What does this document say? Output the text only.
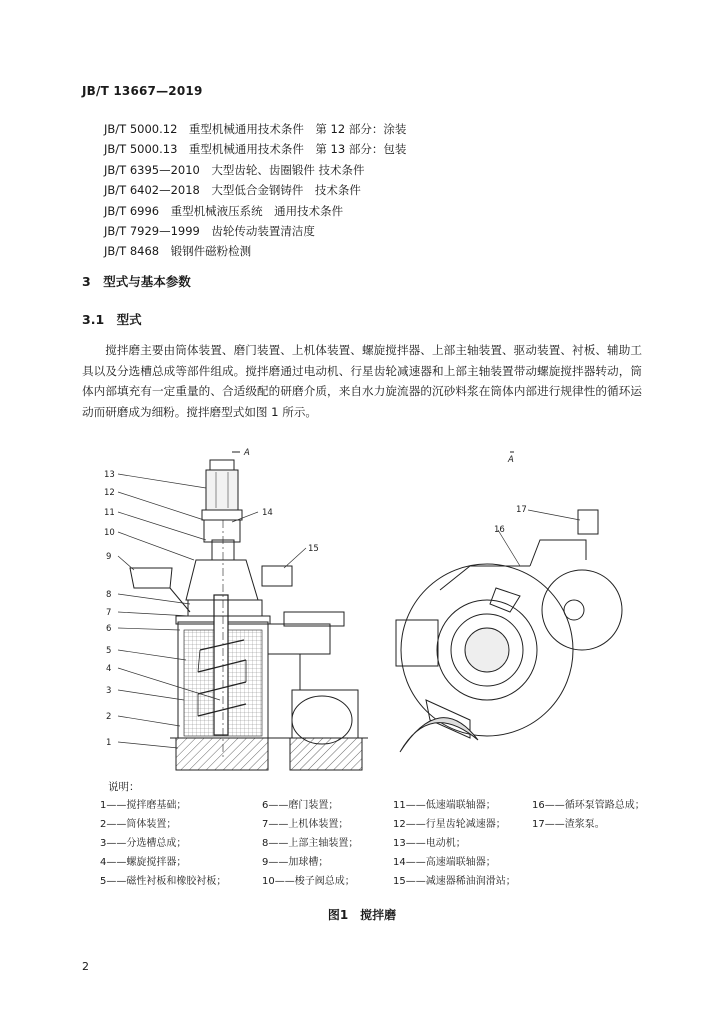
JB/T 13667—2019
JB/T 5000.12　重型机械通用技术条件　第 12 部分：涂装
JB/T 5000.13　重型机械通用技术条件　第 13 部分：包装
JB/T 6395—2010　大型齿轮、齿圈锻件 技术条件
JB/T 6402—2018　大型低合金钢铸件　技术条件
JB/T 6996　重型机械液压系统　通用技术条件
JB/T 7929—1999　齿轮传动装置清洁度
JB/T 8468　锻钢件磁粉检测
3　型式与基本参数
3.1　型式
搅拌磨主要由筒体装置、磨门装置、上机体装置、螺旋搅拌器、上部主轴装置、驱动装置、衬板、辅助工具以及分选槽总成等部件组成。搅拌磨通过电动机、行星齿轮减速器和上部主轴装置带动螺旋搅拌器转动，筒体内部填充有一定重量的、合适级配的研磨介质，来自水力旋流器的沉砂料浆在筒体内部进行规律性的循环运动而研磨成为细粉。搅拌磨型式如图 1 所示。
13
12
11
10
9
8
7
6
5
4
3
2
1
14
15
16
17
A
A
说明：
1——搅拌磨基础；	6——磨门装置；	11——低速端联轴器；	16——循环泵管路总成；
2——筒体装置；	7——上机体装置；	12——行星齿轮减速器；	17——渣浆泵。
3——分选槽总成；	8——上部主轴装置；	13——电动机；
4——螺旋搅拌器；	9——加球槽；	14——高速端联轴器；
5——磁性衬板和橡胶衬板；	10——梭子阀总成；	15——减速器稀油润滑站；
图1　搅拌磨
2
